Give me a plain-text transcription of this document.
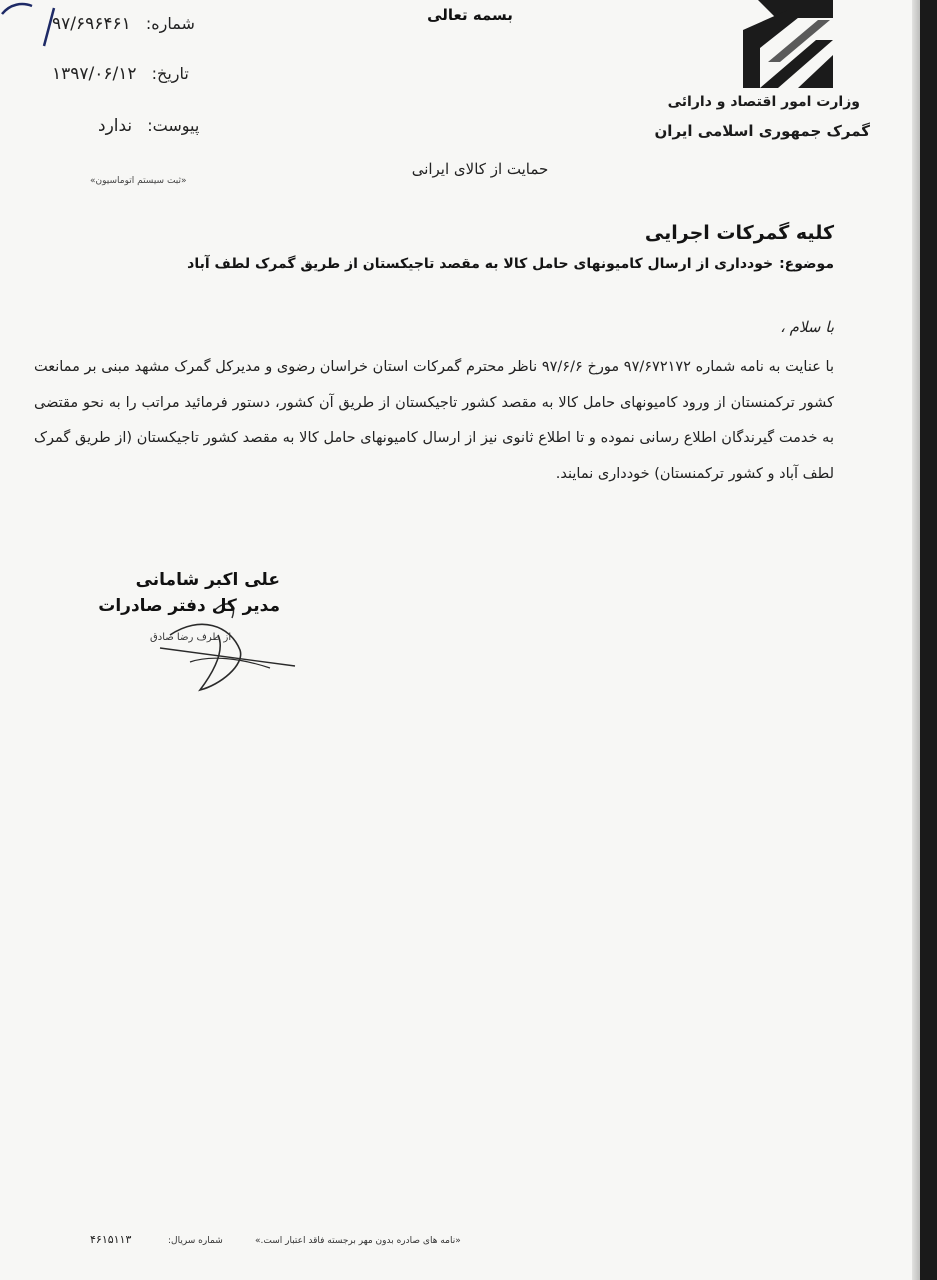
وزارت امور اقتصاد و دارائی
گمرک جمهوری اسلامی ایران
بسمه تعالی
شماره: ۹۷/۶۹۶۴۶۱
تاریخ: ۱۳۹۷/۰۶/۱۲
پیوست: ندارد
«ثبت سیستم اتوماسیون»
حمایت از کالای ایرانی
کلیه گمرکات اجرایی
موضوع:خودداری از ارسال کامیونهای حامل کالا به مقصد تاجیکستان از طریق گمرک لطف آباد
با سلام ،
با عنایت به نامه شماره ۹۷/۶۷۲۱۷۲ مورخ ۹۷/۶/۶ ناظر محترم گمرکات استان خراسان رضوی و مدیرکل گمرک مشهد مبنی بر ممانعت کشور ترکمنستان از ورود کامیونهای حامل کالا به مقصد کشور تاجیکستان از طریق آن کشور، دستور فرمائید مراتب را به نحو مقتضی به خدمت گیرندگان اطلاع رسانی نموده و تا اطلاع ثانوی نیز از ارسال کامیونهای حامل کالا به مقصد کشور تاجیکستان (از طریق گمرک لطف آباد و کشور ترکمنستان) خودداری نمایند.
علی اکبر شامانی
مدیر کل دفتر صادرات
از طرف رضا صادق
«نامه های صادره بدون مهر برجسته فاقد اعتبار است.»
شماره سریال:
۴۶۱۵۱۱۳
